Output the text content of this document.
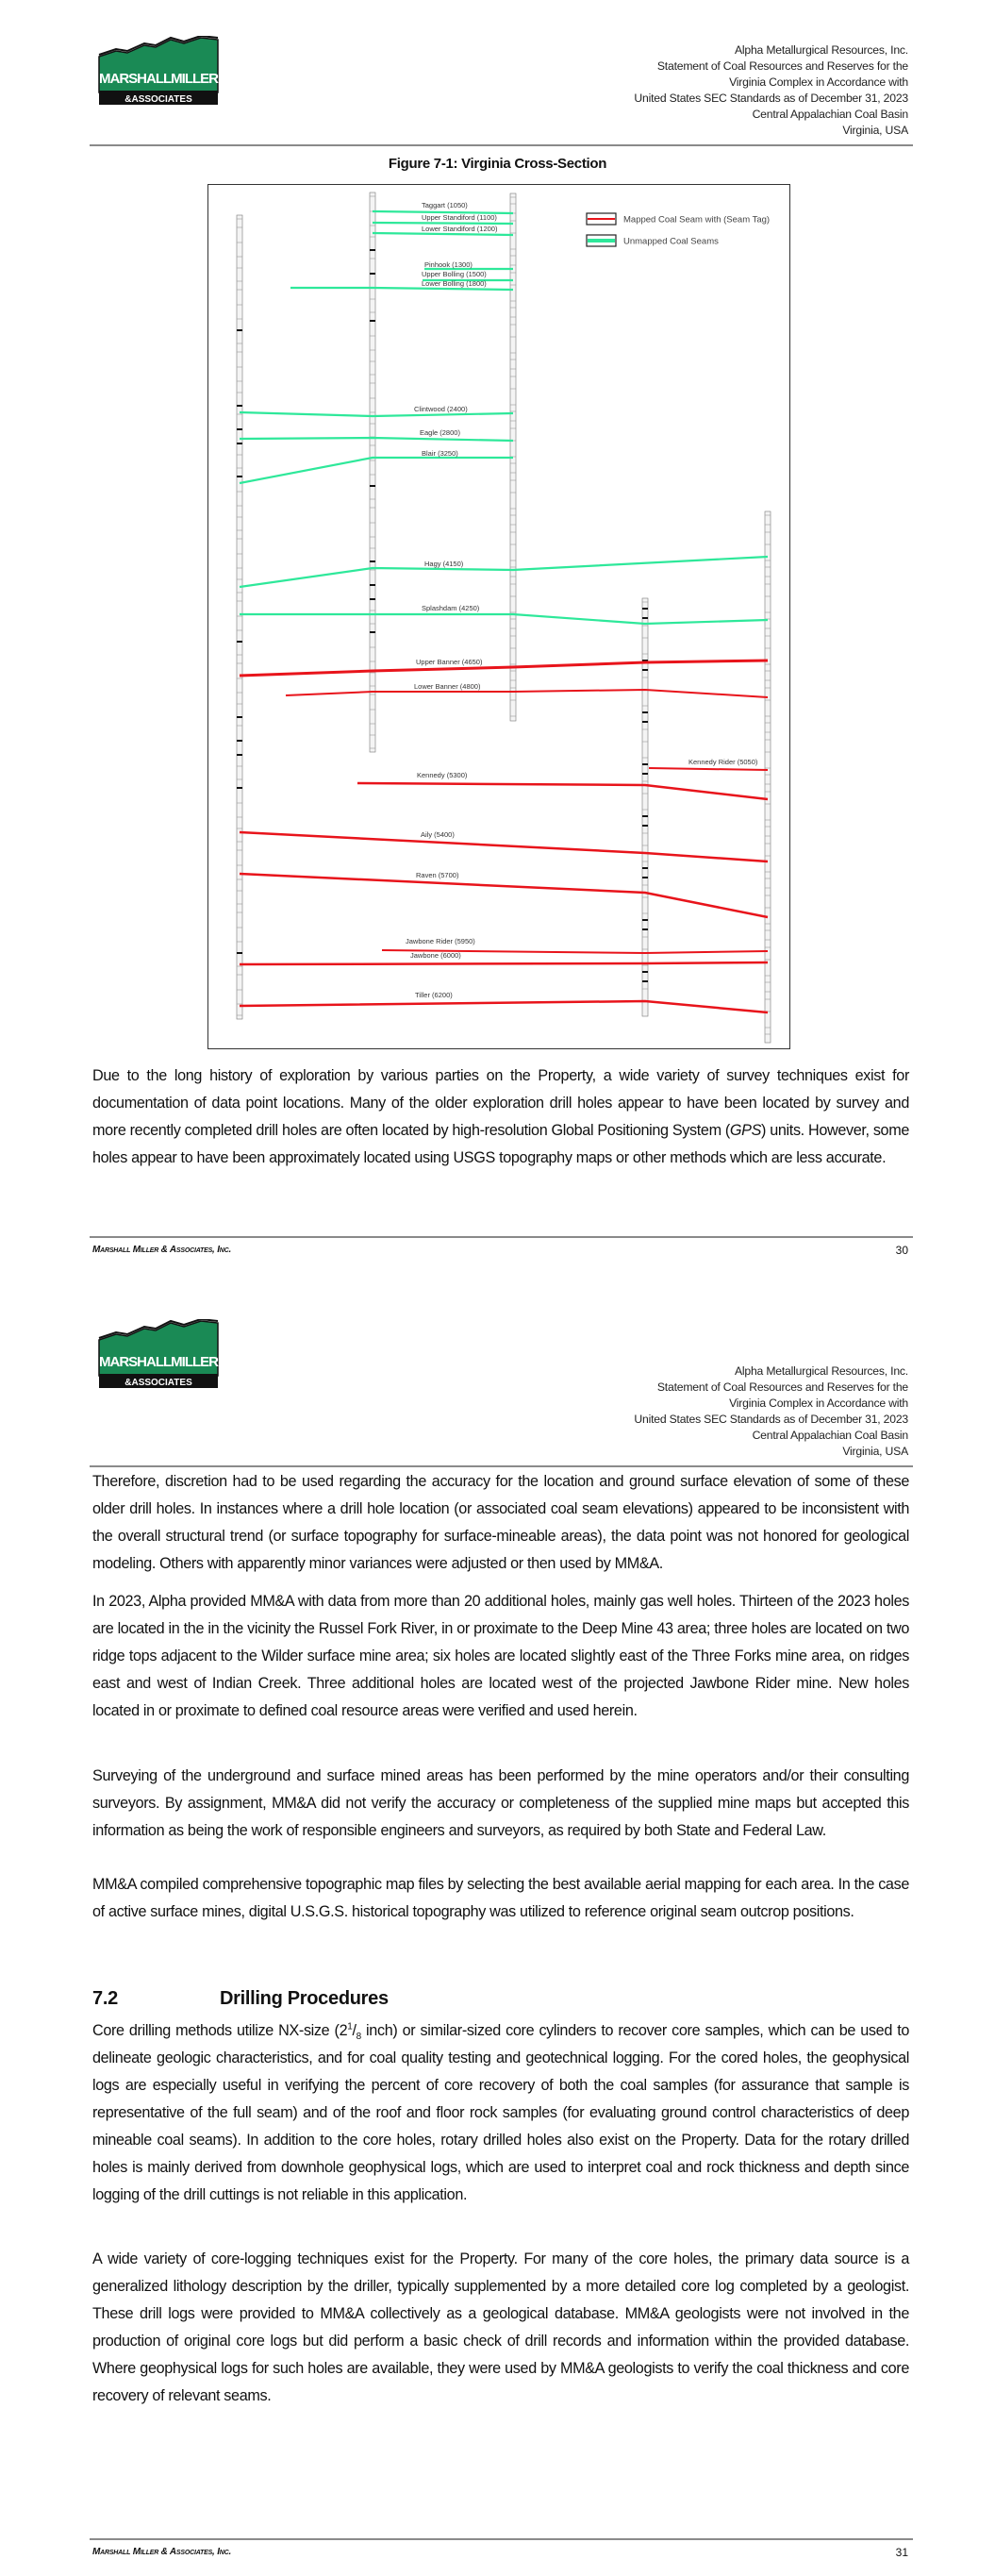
MARSHALLMILLER
&ASSOCIATES
Alpha Metallurgical Resources, Inc.
Statement of Coal Resources and Reserves for the
Virginia Complex in Accordance with
United States SEC Standards as of December 31, 2023
Central Appalachian Coal Basin
Virginia, USA
Figure 7-1: Virginia Cross-Section
Taggart (1050)
Upper Standiford (1100)
Lower Standiford (1200)
Pinhook (1300)
Upper Bolling (1500)
Lower Bolling (1800)
Clintwood (2400)
Eagle (2800)
Blair (3250)
Hagy (4150)
Splashdam (4250)
Upper Banner (4650)
Lower Banner (4800)
Kennedy Rider (5050)
Kennedy (5300)
Aily (5400)
Raven (5700)
Jawbone Rider (5950)
Jawbone (6000)
Tiller (6200)
Mapped Coal Seam with (Seam Tag)
Unmapped Coal Seams

Due to the long history of exploration by various parties on the Property, a wide variety of survey techniques exist for documentation of data point locations. Many of the older exploration drill holes appear to have been located by survey and more recently completed drill holes are often located by high-resolution Global Positioning System (GPS) units. However, some holes appear to have been approximately located using USGS topography maps or other methods which are less accurate.

Marshall Miller & Associates, Inc.	30
MARSHALLMILLER
&ASSOCIATES
Alpha Metallurgical Resources, Inc.
Statement of Coal Resources and Reserves for the
Virginia Complex in Accordance with
United States SEC Standards as of December 31, 2023
Central Appalachian Coal Basin
Virginia, USA

Therefore, discretion had to be used regarding the accuracy for the location and ground surface elevation of some of these older drill holes. In instances where a drill hole location (or associated coal seam elevations) appeared to be inconsistent with the overall structural trend (or surface topography for surface-mineable areas), the data point was not honored for geological modeling. Others with apparently minor variances were adjusted or then used by MM&A.

In 2023, Alpha provided MM&A with data from more than 20 additional holes, mainly gas well holes. Thirteen of the 2023 holes are located in the in the vicinity the Russel Fork River, in or proximate to the Deep Mine 43 area; three holes are located on two ridge tops adjacent to the Wilder surface mine area; six holes are located slightly east of the Three Forks mine area, on ridges east and west of Indian Creek. Three additional holes are located west of the projected Jawbone Rider mine. New holes located in or proximate to defined coal resource areas were verified and used herein.

Surveying of the underground and surface mined areas has been performed by the mine operators and/or their consulting surveyors. By assignment, MM&A did not verify the accuracy or completeness of the supplied mine maps but accepted this information as being the work of responsible engineers and surveyors, as required by both State and Federal Law.

MM&A compiled comprehensive topographic map files by selecting the best available aerial mapping for each area. In the case of active surface mines, digital U.S.G.S. historical topography was utilized to reference original seam outcrop positions.

7.2	Drilling Procedures

Core drilling methods utilize NX-size ($2^1/_8$ inch) or similar-sized core cylinders to recover core samples, which can be used to delineate geologic characteristics, and for coal quality testing and geotechnical logging. For the cored holes, the geophysical logs are especially useful in verifying the percent of core recovery of both the coal samples (for assurance that sample is representative of the full seam) and of the roof and floor rock samples (for evaluating ground control characteristics of deep mineable coal seams). In addition to the core holes, rotary drilled holes also exist on the Property. Data for the rotary drilled holes is mainly derived from downhole geophysical logs, which are used to interpret coal and rock thickness and depth since logging of the drill cuttings is not reliable in this application.

A wide variety of core-logging techniques exist for the Property. For many of the core holes, the primary data source is a generalized lithology description by the driller, typically supplemented by a more detailed core log completed by a geologist. These drill logs were provided to MM&A collectively as a geological database. MM&A geologists were not involved in the production of original core logs but did perform a basic check of drill records and information within the provided database. Where geophysical logs for such holes are available, they were used by MM&A geologists to verify the coal thickness and core recovery of relevant seams.

Marshall Miller & Associates, Inc.	31
